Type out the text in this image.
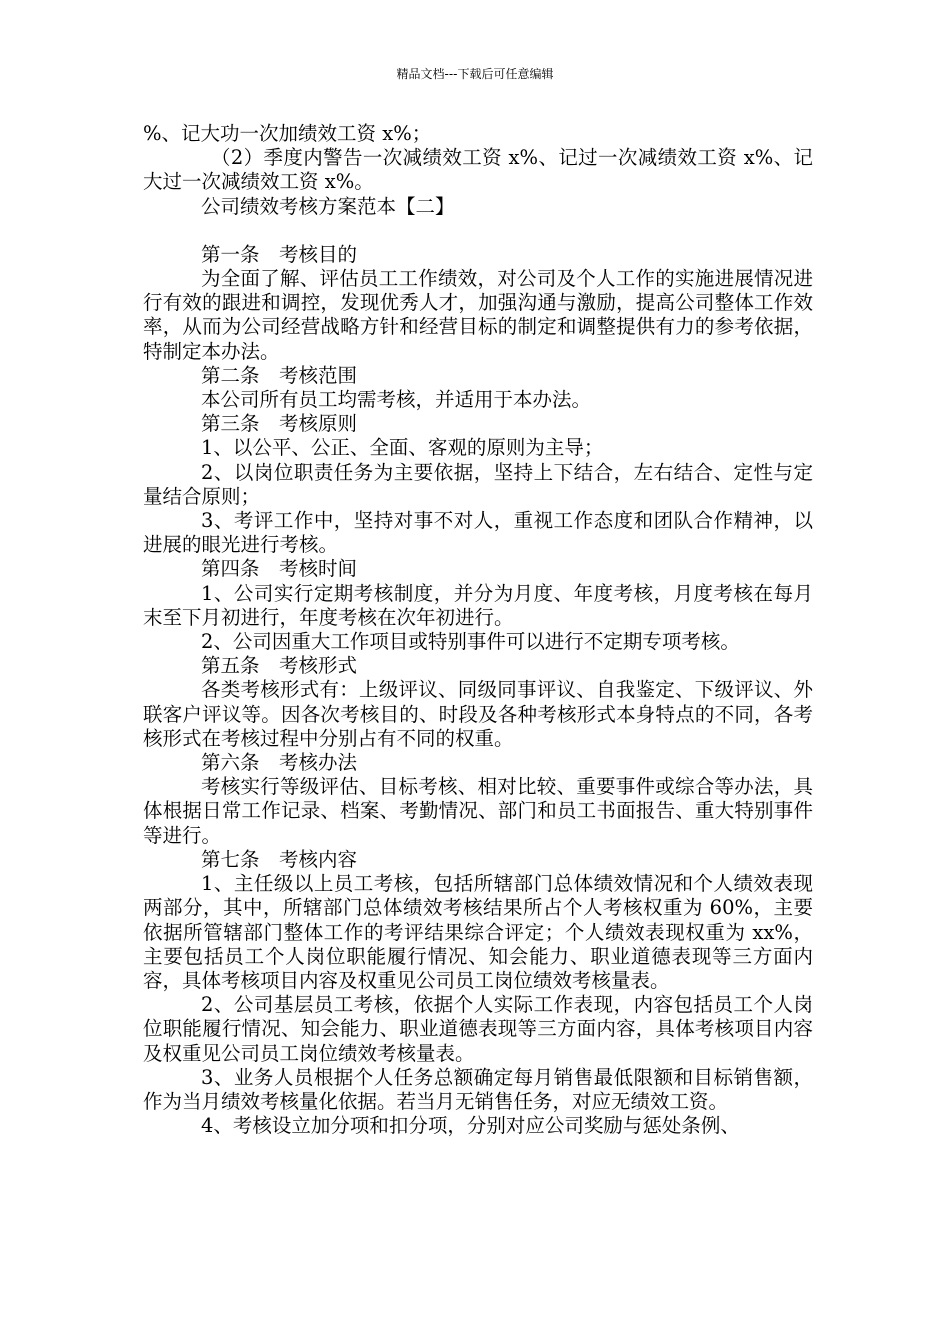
精品文档---下载后可任意编辑

%、记大功一次加绩效工资 x%；

（2）季度内警告一次减绩效工资 x%、记过一次减绩效工资 x%、记大过一次减绩效工资 x%。

公司绩效考核方案范本【二】

第一条　考核目的

为全面了解、评估员工工作绩效，对公司及个人工作的实施进展情况进行有效的跟进和调控，发现优秀人才，加强沟通与激励，提高公司整体工作效率，从而为公司经营战略方针和经营目标的制定和调整提供有力的参考依据，特制定本办法。

第二条　考核范围

本公司所有员工均需考核，并适用于本办法。

第三条　考核原则

1、以公平、公正、全面、客观的原则为主导；

2、以岗位职责任务为主要依据，坚持上下结合，左右结合、定性与定量结合原则；

3、考评工作中，坚持对事不对人，重视工作态度和团队合作精神，以进展的眼光进行考核。

第四条　考核时间

1、公司实行定期考核制度，并分为月度、年度考核，月度考核在每月末至下月初进行，年度考核在次年初进行。

2、公司因重大工作项目或特别事件可以进行不定期专项考核。

第五条　考核形式

各类考核形式有：上级评议、同级同事评议、自我鉴定、下级评议、外联客户评议等。因各次考核目的、时段及各种考核形式本身特点的不同，各考核形式在考核过程中分别占有不同的权重。

第六条　考核办法

考核实行等级评估、目标考核、相对比较、重要事件或综合等办法，具体根据日常工作记录、档案、考勤情况、部门和员工书面报告、重大特别事件等进行。

第七条　考核内容

1、主任级以上员工考核，包括所辖部门总体绩效情况和个人绩效表现两部分，其中，所辖部门总体绩效考核结果所占个人考核权重为 60%，主要依据所管辖部门整体工作的考评结果综合评定；个人绩效表现权重为 xx%，主要包括员工个人岗位职能履行情况、知会能力、职业道德表现等三方面内容，具体考核项目内容及权重见公司员工岗位绩效考核量表。

2、公司基层员工考核，依据个人实际工作表现，内容包括员工个人岗位职能履行情况、知会能力、职业道德表现等三方面内容，具体考核项目内容及权重见公司员工岗位绩效考核量表。

3、业务人员根据个人任务总额确定每月销售最低限额和目标销售额，作为当月绩效考核量化依据。若当月无销售任务，对应无绩效工资。

4、考核设立加分项和扣分项，分别对应公司奖励与惩处条例、
